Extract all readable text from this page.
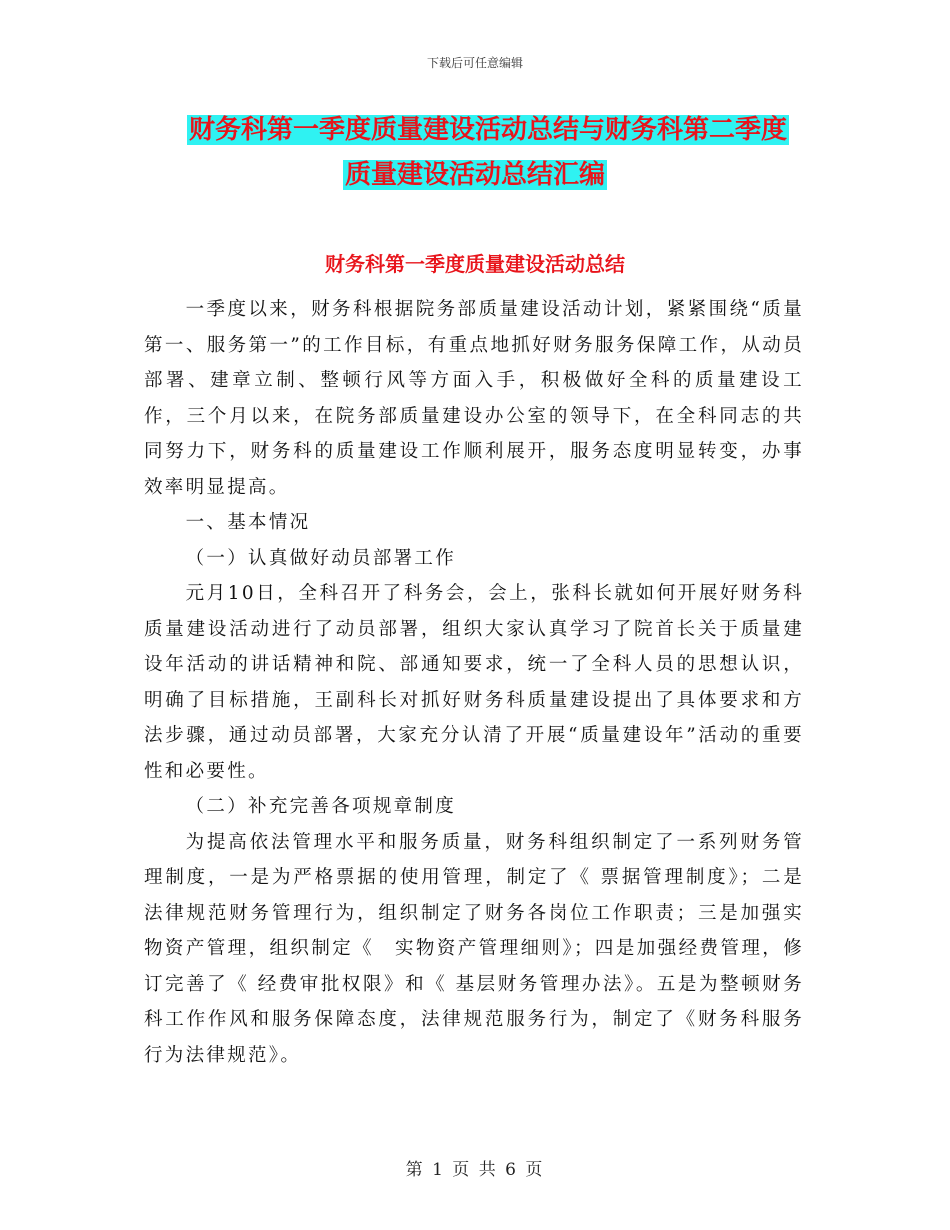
下载后可任意编辑
财务科第一季度质量建设活动总结与财务科第二季度
质量建设活动总结汇编
财务科第一季度质量建设活动总结

一季度以来，财务科根据院务部质量建设活动计划，紧紧围绕“质量第一、服务第一”的工作目标，有重点地抓好财务服务保障工作，从动员部署、建章立制、整顿行风等方面入手，积极做好全科的质量建设工作，三个月以来，在院务部质量建设办公室的领导下，在全科同志的共同努力下，财务科的质量建设工作顺利展开，服务态度明显转变，办事效率明显提高。

一、基本情况

（一）认真做好动员部署工作

元月10日，全科召开了科务会，会上，张科长就如何开展好财务科质量建设活动进行了动员部署，组织大家认真学习了院首长关于质量建设年活动的讲话精神和院、部通知要求，统一了全科人员的思想认识，明确了目标措施，王副科长对抓好财务科质量建设提出了具体要求和方法步骤，通过动员部署，大家充分认清了开展“质量建设年”活动的重要性和必要性。

（二）补充完善各项规章制度

为提高依法管理水平和服务质量，财务科组织制定了一系列财务管理制度，一是为严格票据的使用管理，制定了《 票据管理制度》；二是法律规范财务管理行为，组织制定了财务各岗位工作职责；三是加强实物资产管理，组织制定《　实物资产管理细则》；四是加强经费管理，修订完善了《 经费审批权限》和《 基层财务管理办法》。五是为整顿财务科工作作风和服务保障态度，法律规范服务行为，制定了《财务科服务行为法律规范》。

第 1 页 共 6 页
